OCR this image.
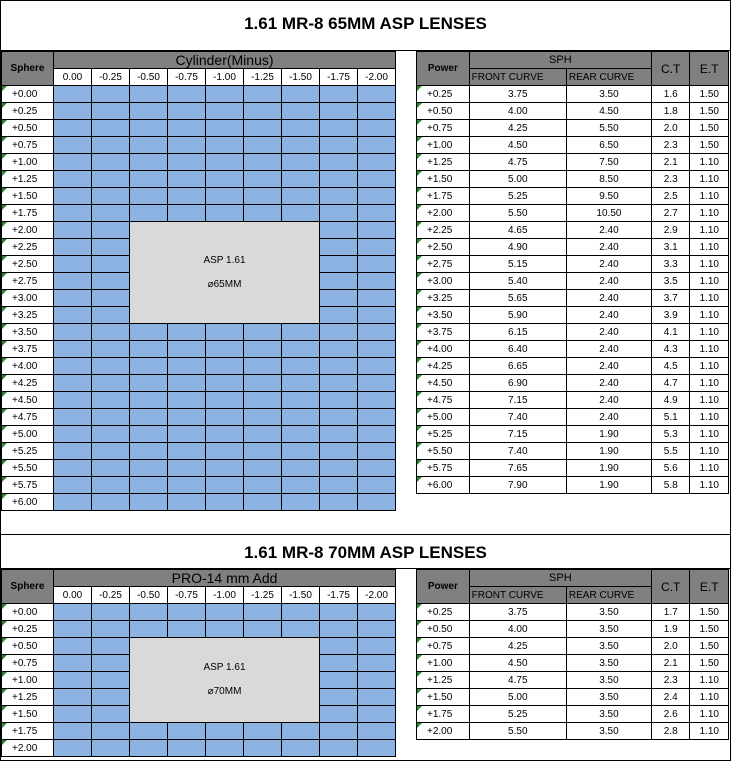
1.61 MR-8 65MM ASP LENSES
Sphere	Cylinder(Minus)								
	0.00	-0.25	-0.50	-0.75	-1.00	-1.25	-1.50	-1.75	-2.00
+0.00									
+0.25									
+0.50									
+0.75									
+1.00									
+1.25									
+1.50									
+1.75									
+2.00			ASP 1.61
⌀65MM						

+2.25									
+2.50									
+2.75									
+3.00									
+3.25									
+3.50									
+3.75									
+4.00									
+4.25									
+4.50									
+4.75									
+5.00									
+5.25									
+5.50									
+5.75									
+6.00									
Power	SPH		C.T	E.T
	FRONT CURVE	REAR CURVE		
+0.25	3.75	3.50	1.6	1.50
+0.50	4.00	4.50	1.8	1.50
+0.75	4.25	5.50	2.0	1.50
+1.00	4.50	6.50	2.3	1.50
+1.25	4.75	7.50	2.1	1.10
+1.50	5.00	8.50	2.3	1.10
+1.75	5.25	9.50	2.5	1.10
+2.00	5.50	10.50	2.7	1.10
+2.25	4.65	2.40	2.9	1.10
+2.50	4.90	2.40	3.1	1.10
+2.75	5.15	2.40	3.3	1.10
+3.00	5.40	2.40	3.5	1.10
+3.25	5.65	2.40	3.7	1.10
+3.50	5.90	2.40	3.9	1.10
+3.75	6.15	2.40	4.1	1.10
+4.00	6.40	2.40	4.3	1.10
+4.25	6.65	2.40	4.5	1.10
+4.50	6.90	2.40	4.7	1.10
+4.75	7.15	2.40	4.9	1.10
+5.00	7.40	2.40	5.1	1.10
+5.25	7.15	1.90	5.3	1.10
+5.50	7.40	1.90	5.5	1.10
+5.75	7.65	1.90	5.6	1.10
+6.00	7.90	1.90	5.8	1.10
1.61 MR-8 70MM ASP LENSES
Sphere	PRO-14 mm Add								
	0.00	-0.25	-0.50	-0.75	-1.00	-1.25	-1.50	-1.75	-2.00
+0.00									
+0.25									
+0.50			ASP 1.61
⌀70MM						

+0.75									
+1.00									
+1.25									
+1.50									
+1.75									
+2.00									
Power	SPH		C.T	E.T
	FRONT CURVE	REAR CURVE		
+0.25	3.75	3.50	1.7	1.50
+0.50	4.00	3.50	1.9	1.50
+0.75	4.25	3.50	2.0	1.50
+1.00	4.50	3.50	2.1	1.50
+1.25	4.75	3.50	2.3	1.10
+1.50	5.00	3.50	2.4	1.10
+1.75	5.25	3.50	2.6	1.10
+2.00	5.50	3.50	2.8	1.10
